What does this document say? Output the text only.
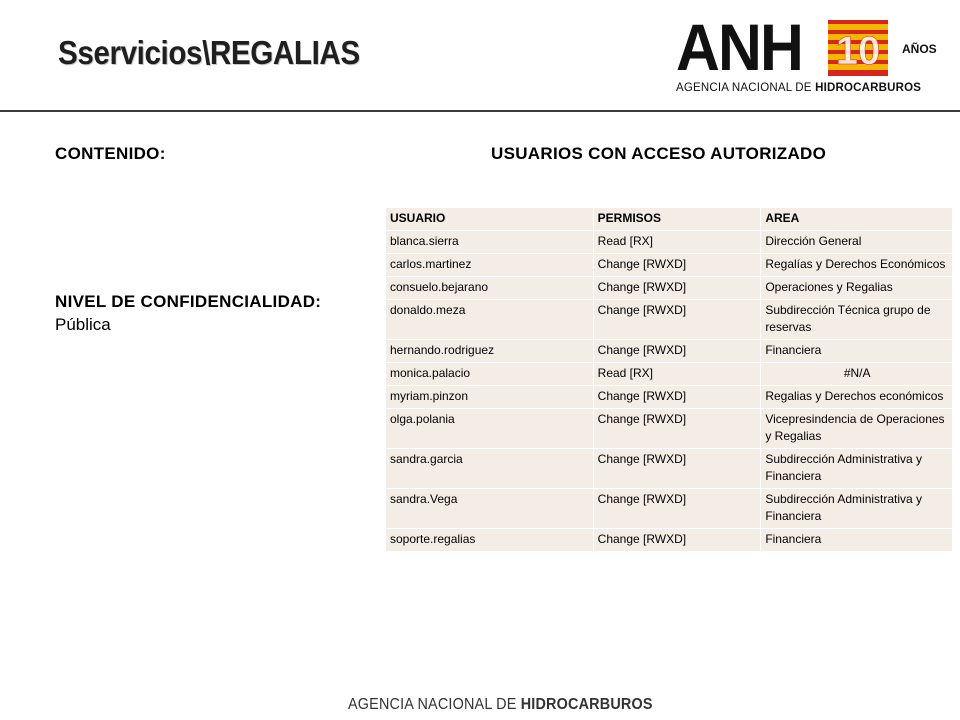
Sservicios\REGALIAS	ANH 10 AÑOS
AGENCIA NACIONAL DE HIDROCARBUROS
CONTENIDO:	USUARIOS CON ACCESO AUTORIZADO
NIVEL DE CONFIDENCIALIDAD:
Pública
USUARIO	PERMISOS	AREA
blanca.sierra	Read [RX]	Dirección General
carlos.martinez	Change [RWXD]	Regalías y Derechos Económicos
consuelo.bejarano	Change [RWXD]	Operaciones y Regalias
donaldo.meza	Change [RWXD]	Subdirección Técnica grupo de reservas
hernando.rodriguez	Change [RWXD]	Financiera
monica.palacio	Read [RX]	#N/A
myriam.pinzon	Change [RWXD]	Regalias y Derechos económicos
olga.polania	Change [RWXD]	Vicepresindencia de Operaciones y Regalias
sandra.garcia	Change [RWXD]	Subdirección Administrativa y Financiera
sandra.Vega	Change [RWXD]	Subdirección Administrativa y Financiera
soporte.regalias	Change [RWXD]	Financiera
AGENCIA NACIONAL DE HIDROCARBUROS
